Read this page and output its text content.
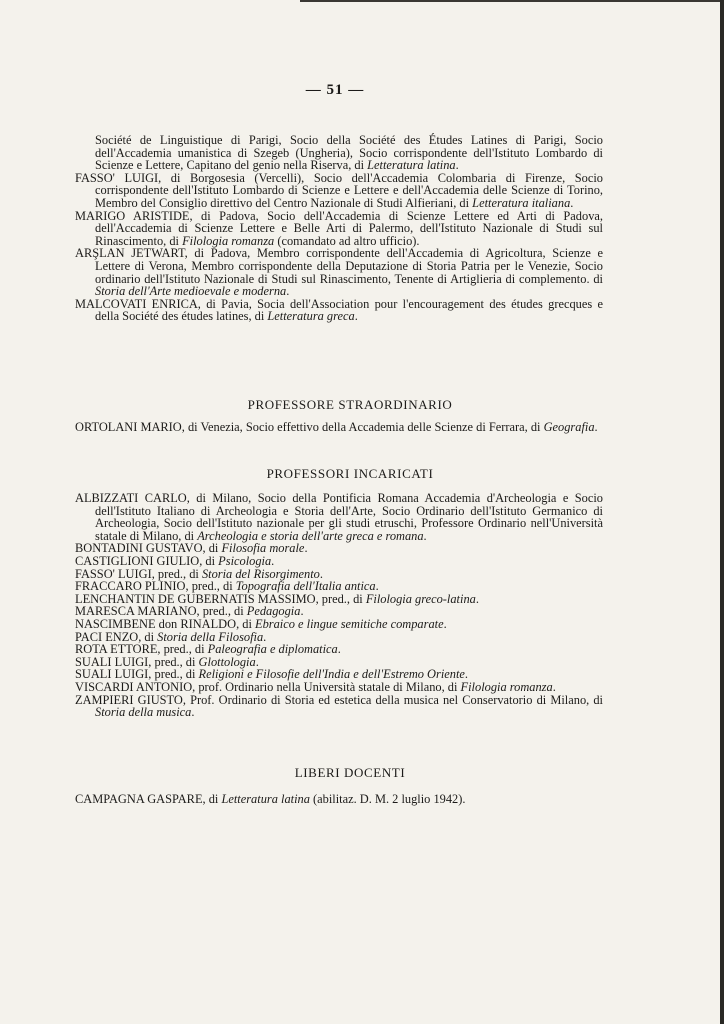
— 51 —
Société de Linguistique di Parigi, Socio della Société des Études Latines di Parigi, Socio dell'Accademia umanistica di Szegeb (Ungheria), Socio corrispondente dell'Istituto Lombardo di Scienze e Lettere, Capitano del genio nella Riserva, di Letteratura latina.
FASSO' LUIGI, di Borgosesia (Vercelli), Socio dell'Accademia Colombaria di Firenze, Socio corrispondente dell'Istituto Lombardo di Scienze e Lettere e dell'Accademia delle Scienze di Torino, Membro del Consiglio direttivo del Centro Nazionale di Studi Alfieriani, di Letteratura italiana.
MARIGO ARISTIDE, di Padova, Socio dell'Accademia di Scienze Lettere ed Arti di Padova, dell'Accademia di Scienze Lettere e Belle Arti di Palermo, dell'Istituto Nazionale di Studi sul Rinascimento, di Filologia romanza (comandato ad altro ufficio).
ARŞLAN JETWART, di Padova, Membro corrispondente dell'Accademia di Agricoltura, Scienze e Lettere di Verona, Membro corrispondente della Deputazione di Storia Patria per le Venezie, Socio ordinario dell'Istituto Nazionale di Studi sul Rinascimento, Tenente di Artiglieria di complemento. di Storia dell'Arte medioevale e moderna.
MALCOVATI ENRICA, di Pavia, Socia dell'Association pour l'encouragement des études grecques e della Société des études latines, di Letteratura greca.
PROFESSORE STRAORDINARIO
ORTOLANI MARIO, di Venezia, Socio effettivo della Accademia delle Scienze di Ferrara, di Geografia.
PROFESSORI INCARICATI
ALBIZZATI CARLO, di Milano, Socio della Pontificia Romana Accademia d'Archeologia e Socio dell'Istituto Italiano di Archeologia e Storia dell'Arte, Socio Ordinario dell'Istituto Germanico di Archeologia, Socio dell'Istituto nazionale per gli studi etruschi, Professore Ordinario nell'Università statale di Milano, di Archeologia e storia dell'arte greca e romana.
BONTADINI GUSTAVO, di Filosofia morale.
CASTIGLIONI GIULIO, di Psicologia.
FASSO' LUIGI, pred., di Storia del Risorgimento.
FRACCARO PLINIO, pred., di Topografia dell'Italia antica.
LENCHANTIN DE GUBERNATIS MASSIMO, pred., di Filologia greco-latina.
MARESCA MARIANO, pred., di Pedagogia.
NASCIMBENE don RINALDO, di Ebraico e lingue semitiche comparate.
PACI ENZO, di Storia della Filosofia.
ROTA ETTORE, pred., di Paleografia e diplomatica.
SUALI LUIGI, pred., di Glottologia.
SUALI LUIGI, pred., di Religioni e Filosofie dell'India e dell'Estremo Oriente.
VISCARDI ANTONIO, prof. Ordinario nella Università statale di Milano, di Filologia romanza.
ZAMPIERI GIUSTO, Prof. Ordinario di Storia ed estetica della musica nel Conservatorio di Milano, di Storia della musica.
LIBERI DOCENTI
CAMPAGNA GASPARE, di Letteratura latina (abilitaz. D. M. 2 luglio 1942).
